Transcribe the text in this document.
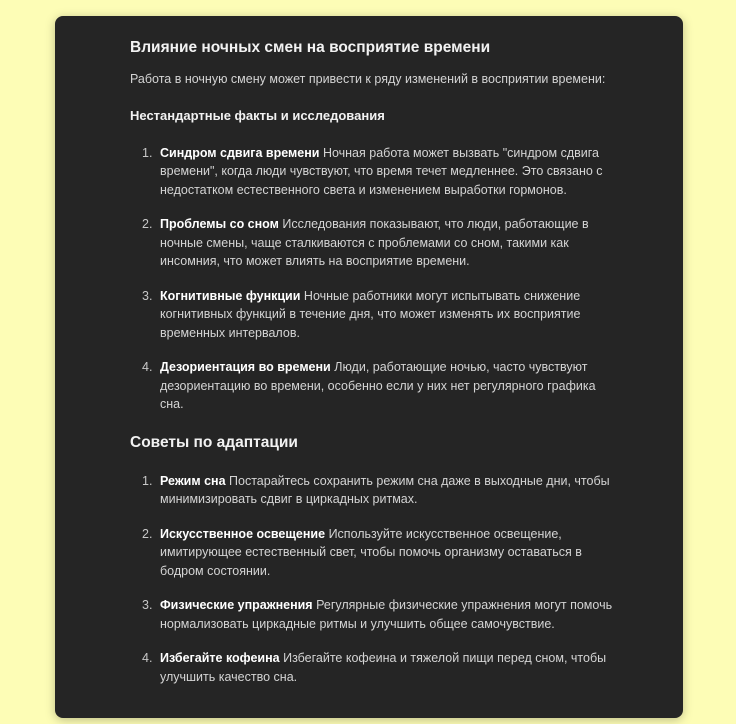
Влияние ночных смен на восприятие времени

Работа в ночную смену может привести к ряду изменений в восприятии времени:

Нестандартные факты и исследования
1. Синдром сдвига времени Ночная работа может вызвать "синдром сдвига времени", когда люди чувствуют, что время течет медленнее. Это связано с недостатком естественного света и изменением выработки гормонов.
2. Проблемы со сном Исследования показывают, что люди, работающие в ночные смены, чаще сталкиваются с проблемами со сном, такими как инсомния, что может влиять на восприятие времени.
3. Когнитивные функции Ночные работники могут испытывать снижение когнитивных функций в течение дня, что может изменять их восприятие временных интервалов.
4. Дезориентация во времени Люди, работающие ночью, часто чувствуют дезориентацию во времени, особенно если у них нет регулярного графика сна.
Советы по адаптации
1. Режим сна Постарайтесь сохранить режим сна даже в выходные дни, чтобы минимизировать сдвиг в циркадных ритмах.
2. Искусственное освещение Используйте искусственное освещение, имитирующее естественный свет, чтобы помочь организму оставаться в бодром состоянии.
3. Физические упражнения Регулярные физические упражнения могут помочь нормализовать циркадные ритмы и улучшить общее самочувствие.
4. Избегайте кофеина Избегайте кофеина и тяжелой пищи перед сном, чтобы улучшить качество сна.
